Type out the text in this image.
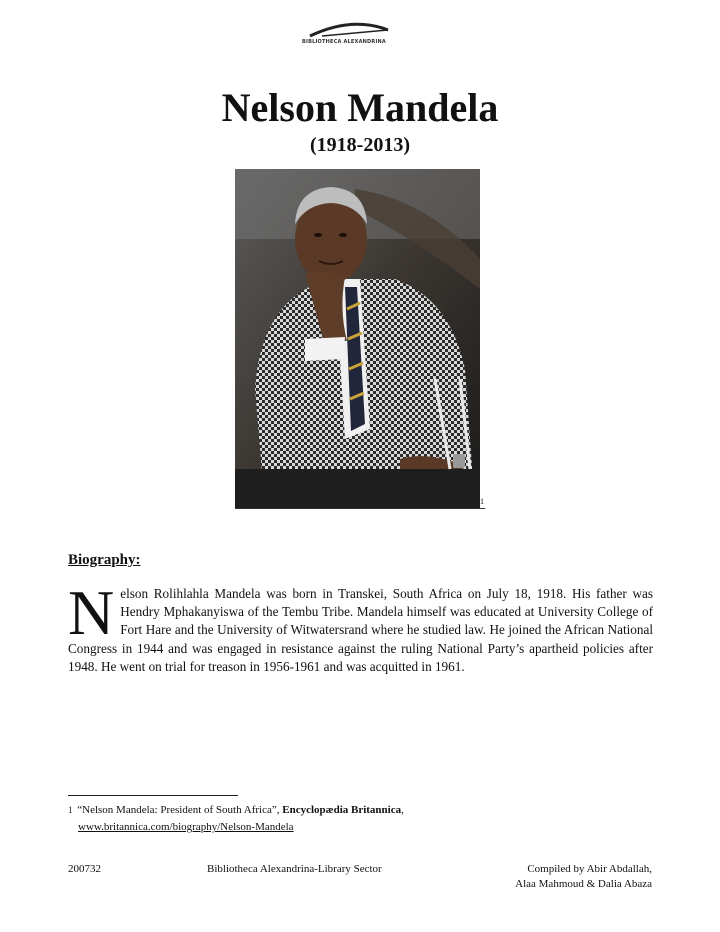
BIBLIOTHECA ALEXANDRINA
Nelson Mandela
(1918-2013)
1
Biography:
Nelson Rolihlahla Mandela was born in Transkei, South Africa on July 18, 1918. His father was Hendry Mphakanyiswa of the Tembu Tribe. Mandela himself was educated at University College of Fort Hare and the University of Witwatersrand where he studied law. He joined the African National Congress in 1944 and was engaged in resistance against the ruling National Party’s apartheid policies after 1948. He went on trial for treason in 1956-1961 and was acquitted in 1961.
1 “Nelson Mandela: President of South Africa”, Encyclopædia Britannica,
www.britannica.com/biography/Nelson-Mandela
200732	Bibliotheca Alexandrina-Library Sector	Compiled by Abir Abdallah,
Alaa Mahmoud & Dalia Abaza
